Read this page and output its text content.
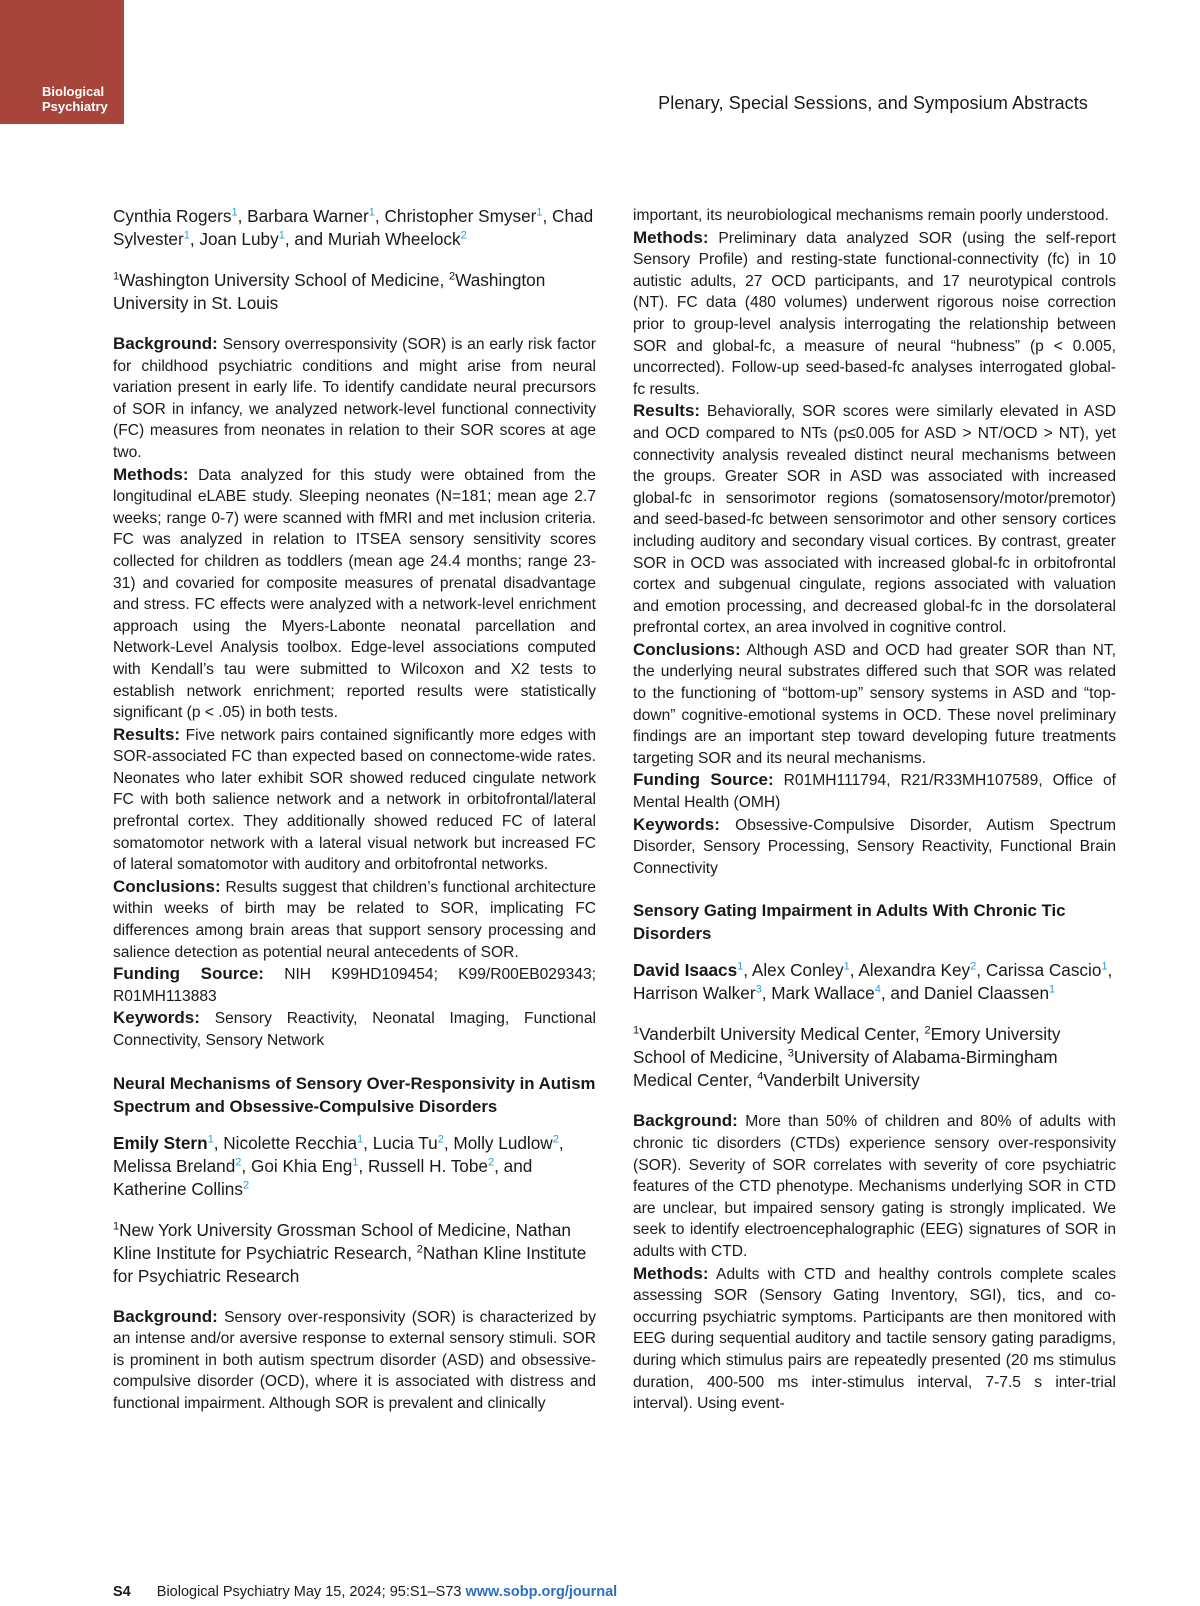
Biological
Psychiatry	Plenary, Special Sessions, and Symposium Abstracts

Cynthia Rogers$^1$, Barbara Warner$^1$, Christopher Smyser$^1$, Chad Sylvester$^1$, Joan Luby$^1$, and Muriah Wheelock$^2$

$^1$Washington University School of Medicine, $^2$Washington University in St. Louis

Background: Sensory overresponsivity (SOR) is an early risk factor for childhood psychiatric conditions and might arise from neural variation present in early life. To identify candidate neural precursors of SOR in infancy, we analyzed network-level functional connectivity (FC) measures from neonates in relation to their SOR scores at age two.

Methods: Data analyzed for this study were obtained from the longitudinal eLABE study. Sleeping neonates (N=181; mean age 2.7 weeks; range 0-7) were scanned with fMRI and met inclusion criteria. FC was analyzed in relation to ITSEA sensory sensitivity scores collected for children as toddlers (mean age 24.4 months; range 23-31) and covaried for composite measures of prenatal disadvantage and stress. FC effects were analyzed with a network-level enrichment approach using the Myers-Labonte neonatal parcellation and Network-Level Analysis toolbox. Edge-level associations computed with Kendall’s tau were submitted to Wilcoxon and X2 tests to establish network enrichment; reported results were statistically significant (p < .05) in both tests.

Results: Five network pairs contained significantly more edges with SOR-associated FC than expected based on connectome-wide rates. Neonates who later exhibit SOR showed reduced cingulate network FC with both salience network and a network in orbitofrontal/lateral prefrontal cortex. They additionally showed reduced FC of lateral somatomotor network with a lateral visual network but increased FC of lateral somatomotor with auditory and orbitofrontal networks.

Conclusions: Results suggest that children’s functional architecture within weeks of birth may be related to SOR, implicating FC differences among brain areas that support sensory processing and salience detection as potential neural antecedents of SOR.

Funding Source: NIH K99HD109454; K99/R00EB029343; R01MH113883

Keywords: Sensory Reactivity, Neonatal Imaging, Functional Connectivity, Sensory Network

Neural Mechanisms of Sensory Over-Responsivity in Autism Spectrum and Obsessive-Compulsive Disorders

Emily Stern$^1$, Nicolette Recchia$^1$, Lucia Tu$^2$, Molly Ludlow$^2$, Melissa Breland$^2$, Goi Khia Eng$^1$, Russell H. Tobe$^2$, and Katherine Collins$^2$

$^1$New York University Grossman School of Medicine, Nathan Kline Institute for Psychiatric Research, $^2$Nathan Kline Institute for Psychiatric Research

Background: Sensory over-responsivity (SOR) is characterized by an intense and/or aversive response to external sensory stimuli. SOR is prominent in both autism spectrum disorder (ASD) and obsessive-compulsive disorder (OCD), where it is associated with distress and functional impairment. Although SOR is prevalent and clinically

important, its neurobiological mechanisms remain poorly understood.

Methods: Preliminary data analyzed SOR (using the self-report Sensory Profile) and resting-state functional-connectivity (fc) in 10 autistic adults, 27 OCD participants, and 17 neurotypical controls (NT). FC data (480 volumes) underwent rigorous noise correction prior to group-level analysis interrogating the relationship between SOR and global-fc, a measure of neural “hubness” (p < 0.005, uncorrected). Follow-up seed-based-fc analyses interrogated global-fc results.

Results: Behaviorally, SOR scores were similarly elevated in ASD and OCD compared to NTs (p≤0.005 for ASD > NT/OCD > NT), yet connectivity analysis revealed distinct neural mechanisms between the groups. Greater SOR in ASD was associated with increased global-fc in sensorimotor regions (somatosensory/motor/premotor) and seed-based-fc between sensorimotor and other sensory cortices including auditory and secondary visual cortices. By contrast, greater SOR in OCD was associated with increased global-fc in orbitofrontal cortex and subgenual cingulate, regions associated with valuation and emotion processing, and decreased global-fc in the dorsolateral prefrontal cortex, an area involved in cognitive control.

Conclusions: Although ASD and OCD had greater SOR than NT, the underlying neural substrates differed such that SOR was related to the functioning of “bottom-up” sensory systems in ASD and “top-down” cognitive-emotional systems in OCD. These novel preliminary findings are an important step toward developing future treatments targeting SOR and its neural mechanisms.

Funding Source: R01MH111794, R21/R33MH107589, Office of Mental Health (OMH)

Keywords: Obsessive-Compulsive Disorder, Autism Spectrum Disorder, Sensory Processing, Sensory Reactivity, Functional Brain Connectivity

Sensory Gating Impairment in Adults With Chronic Tic Disorders

David Isaacs$^1$, Alex Conley$^1$, Alexandra Key$^2$, Carissa Cascio$^1$, Harrison Walker$^3$, Mark Wallace$^4$, and Daniel Claassen$^1$

$^1$Vanderbilt University Medical Center, $^2$Emory University School of Medicine, $^3$University of Alabama-Birmingham Medical Center, $^4$Vanderbilt University

Background: More than 50% of children and 80% of adults with chronic tic disorders (CTDs) experience sensory over-responsivity (SOR). Severity of SOR correlates with severity of core psychiatric features of the CTD phenotype. Mechanisms underlying SOR in CTD are unclear, but impaired sensory gating is strongly implicated. We seek to identify electroencephalographic (EEG) signatures of SOR in adults with CTD.

Methods: Adults with CTD and healthy controls complete scales assessing SOR (Sensory Gating Inventory, SGI), tics, and co-occurring psychiatric symptoms. Participants are then monitored with EEG during sequential auditory and tactile sensory gating paradigms, during which stimulus pairs are repeatedly presented (20 ms stimulus duration, 400-500 ms inter-stimulus interval, 7-7.5 s inter-trial interval). Using event-

S4 Biological Psychiatry May 15, 2024; 95:S1–S73 www.sobp.org/journal
